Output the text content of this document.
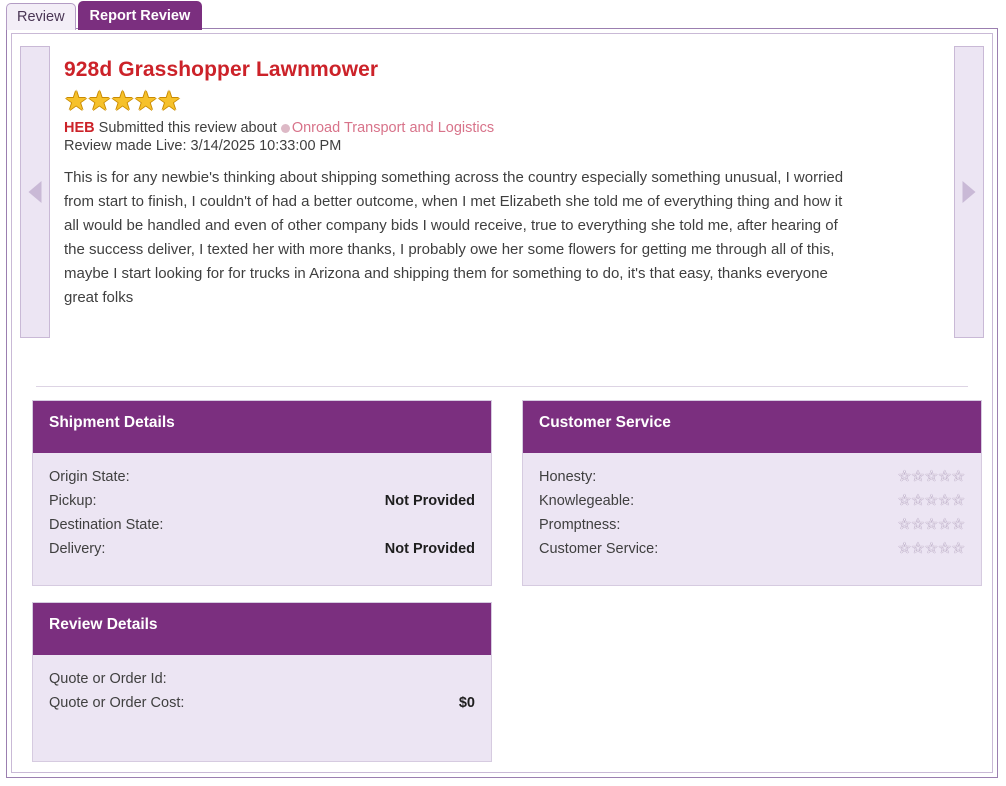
Review	Report Review
928d Grasshopper Lawnmower
★★★★★
HEB Submitted this review about Onroad Transport and Logistics
Review made Live: 3/14/2025 10:33:00 PM
This is for any newbie's thinking about shipping something across the country especially something unusual, I worried from start to finish, I couldn't of had a better outcome, when I met Elizabeth she told me of everything thing and how it all would be handled and even of other company bids I would receive, true to everything she told me, after hearing of the success deliver, I texted her with more thanks, I probably owe her some flowers for getting me through all of this, maybe I start looking for for trucks in Arizona and shipping them for something to do, it's that easy, thanks everyone great folks
Shipment Details
Origin State:
Pickup:	Not Provided
Destination State:
Delivery:	Not Provided
Customer Service
Honesty:	☆☆☆☆☆
Knowlegeable:	☆☆☆☆☆
Promptness:	☆☆☆☆☆
Customer Service:	☆☆☆☆☆
Review Details
Quote or Order Id:
Quote or Order Cost:	$0
